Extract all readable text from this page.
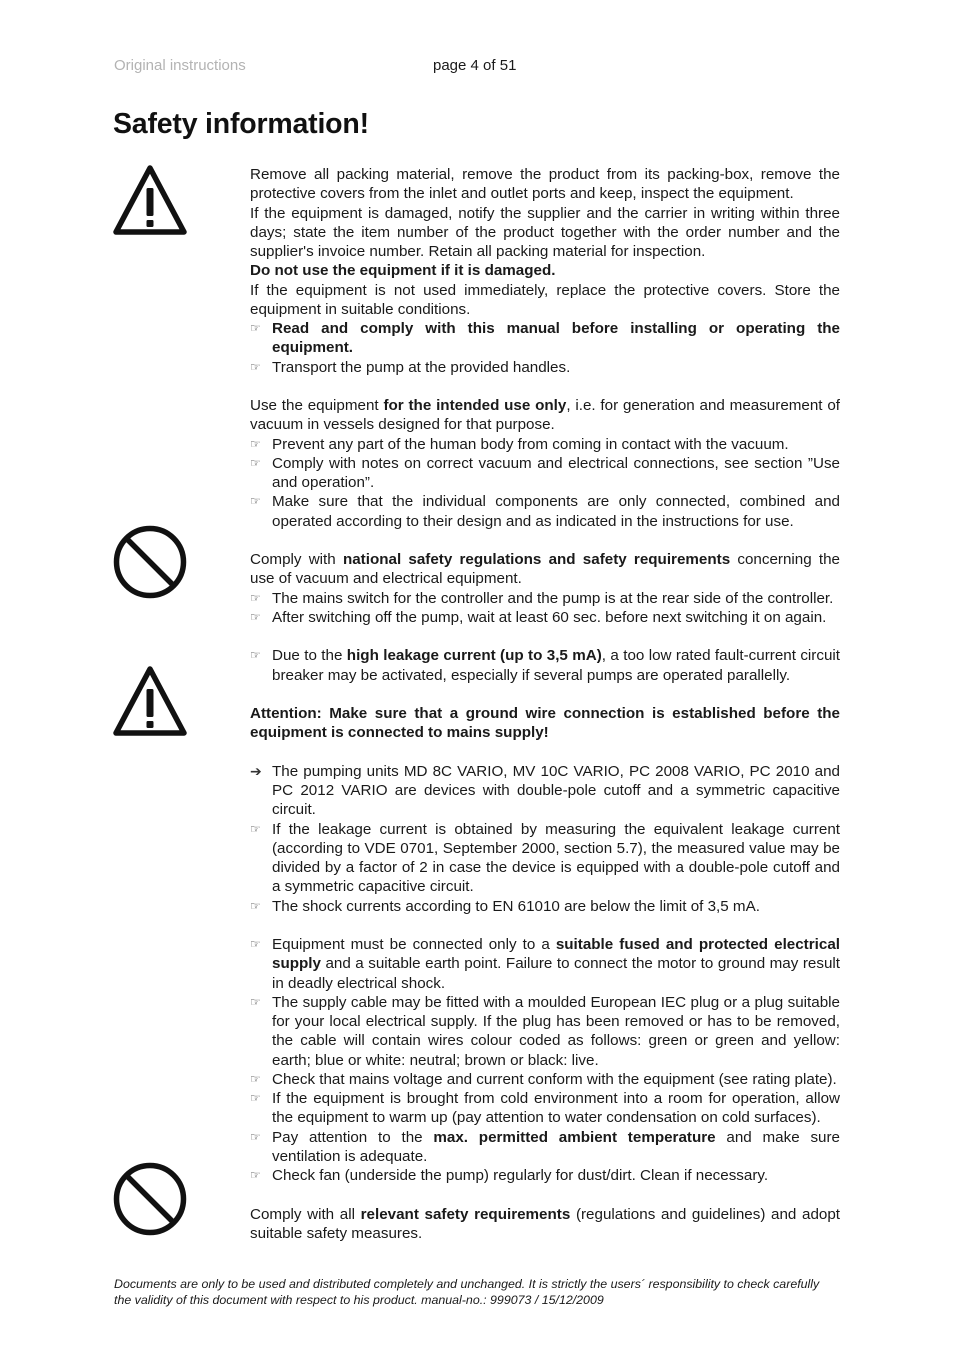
Original instructions	page 4 of 51
Safety information!

Remove all packing material, remove the product from its packing-box, remove the protective covers from the inlet and outlet ports and keep, inspect the equipment.

If the equipment is damaged, notify the supplier and the carrier in writing within three days; state the item number of the product together with the order number and the supplier's invoice number. Retain all packing material for inspection.

Do not use the equipment if it is damaged.

If the equipment is not used immediately, replace the protective covers. Store the equipment in suitable conditions.

☞ Read and comply with this manual before installing or operating the equipment.
☞ Transport the pump at the provided handles.

Use the equipment for the intended use only, i.e. for generation and measurement of vacuum in vessels designed for that purpose.

☞ Prevent any part of the human body from coming in contact with the vacuum.
☞ Comply with notes on correct vacuum and electrical connections, see section ”Use and operation”.
☞ Make sure that the individual components are only connected, combined and operated according to their design and as indicated in the instructions for use.

Comply with national safety regulations and safety requirements concerning the use of vacuum and electrical equipment.

☞ The mains switch for the controller and the pump is at the rear side of the controller.
☞ After switching off the pump, wait at least 60 sec. before next switching it on again.
☞ Due to the high leakage current (up to 3,5 mA), a too low rated fault-current circuit breaker may be activated, especially if several pumps are operated parallelly.

Attention: Make sure that a ground wire connection is established before the equipment is connected to mains supply!

➔ The pumping units MD 8C VARIO, MV 10C VARIO, PC 2008 VARIO, PC 2010 and PC 2012 VARIO are devices with double-pole cutoff and a symmetric capacitive circuit.
☞ If the leakage current is obtained by measuring the equivalent leakage current (according to VDE 0701, September 2000, section 5.7), the measured value may be divided by a factor of 2 in case the device is equipped with a double-pole cutoff and a symmetric capacitive circuit.
☞ The shock currents according to EN 61010 are below the limit of 3,5 mA.
☞ Equipment must be connected only to a suitable fused and protected electrical supply and a suitable earth point. Failure to connect the motor to ground may result in deadly electrical shock.
☞ The supply cable may be fitted with a moulded European IEC plug or a plug suitable for your local electrical supply. If the plug has been removed or has to be removed, the cable will contain wires colour coded as follows: green or green and yellow: earth; blue or white: neutral; brown or black: live.
☞ Check that mains voltage and current conform with the equipment (see rating plate).
☞ If the equipment is brought from cold environment into a room for operation, allow the equipment to warm up (pay attention to water condensation on cold surfaces).
☞ Pay attention to the max. permitted ambient temperature and make sure ventilation is adequate.
☞ Check fan (underside the pump) regularly for dust/dirt. Clean if necessary.

Comply with all relevant safety requirements (regulations and guidelines) and adopt suitable safety measures.

Documents are only to be used and distributed completely and unchanged. It is strictly the users´ responsibility to check carefully
the validity of this document with respect to his product. manual-no.: 999073 / 15/12/2009
